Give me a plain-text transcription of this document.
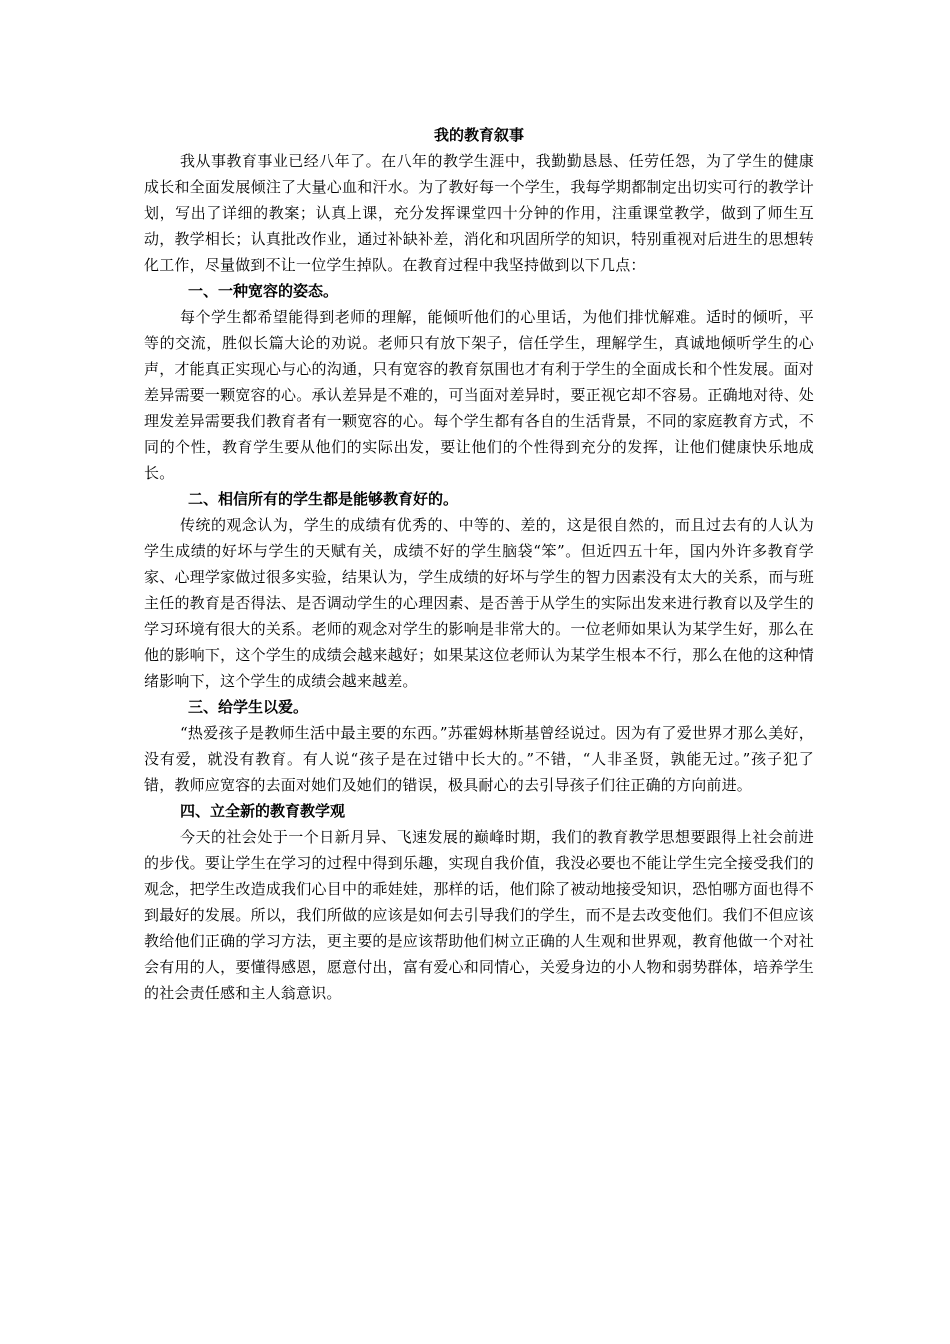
我的教育叙事

我从事教育事业已经八年了。在八年的教学生涯中，我勤勤恳恳、任劳任怨，为了学生的健康成长和全面发展倾注了大量心血和汗水。为了教好每一个学生，我每学期都制定出切实可行的教学计划，写出了详细的教案；认真上课，充分发挥课堂四十分钟的作用，注重课堂教学，做到了师生互动，教学相长；认真批改作业，通过补缺补差，消化和巩固所学的知识，特别重视对后进生的思想转化工作，尽量做到不让一位学生掉队。在教育过程中我坚持做到以下几点：

一、一种宽容的姿态。

每个学生都希望能得到老师的理解，能倾听他们的心里话，为他们排忧解难。适时的倾听，平等的交流，胜似长篇大论的劝说。老师只有放下架子，信任学生，理解学生，真诚地倾听学生的心声，才能真正实现心与心的沟通，只有宽容的教育氛围也才有利于学生的全面成长和个性发展。面对差异需要一颗宽容的心。承认差异是不难的，可当面对差异时，要正视它却不容易。正确地对待、处理发差异需要我们教育者有一颗宽容的心。每个学生都有各自的生活背景，不同的家庭教育方式，不同的个性，教育学生要从他们的实际出发，要让他们的个性得到充分的发挥，让他们健康快乐地成长。

二、相信所有的学生都是能够教育好的。

传统的观念认为，学生的成绩有优秀的、中等的、差的，这是很自然的，而且过去有的人认为学生成绩的好坏与学生的天赋有关，成绩不好的学生脑袋“笨”。但近四五十年，国内外许多教育学家、心理学家做过很多实验，结果认为，学生成绩的好坏与学生的智力因素没有太大的关系，而与班主任的教育是否得法、是否调动学生的心理因素、是否善于从学生的实际出发来进行教育以及学生的学习环境有很大的关系。老师的观念对学生的影响是非常大的。一位老师如果认为某学生好，那么在他的影响下，这个学生的成绩会越来越好；如果某这位老师认为某学生根本不行，那么在他的这种情绪影响下，这个学生的成绩会越来越差。

三、给学生以爱。

“热爱孩子是教师生活中最主要的东西。”苏霍姆林斯基曾经说过。因为有了爱世界才那么美好，没有爱，就没有教育。有人说“孩子是在过错中长大的。”不错，“人非圣贤，孰能无过。”孩子犯了错，教师应宽容的去面对她们及她们的错误，极具耐心的去引导孩子们往正确的方向前进。

四、立全新的教育教学观

今天的社会处于一个日新月异、飞速发展的巅峰时期，我们的教育教学思想要跟得上社会前进的步伐。要让学生在学习的过程中得到乐趣，实现自我价值，我没必要也不能让学生完全接受我们的观念，把学生改造成我们心目中的乖娃娃，那样的话，他们除了被动地接受知识，恐怕哪方面也得不到最好的发展。所以，我们所做的应该是如何去引导我们的学生，而不是去改变他们。我们不但应该教给他们正确的学习方法，更主要的是应该帮助他们树立正确的人生观和世界观，教育他做一个对社会有用的人，要懂得感恩，愿意付出，富有爱心和同情心，关爱身边的小人物和弱势群体，培养学生的社会责任感和主人翁意识。
